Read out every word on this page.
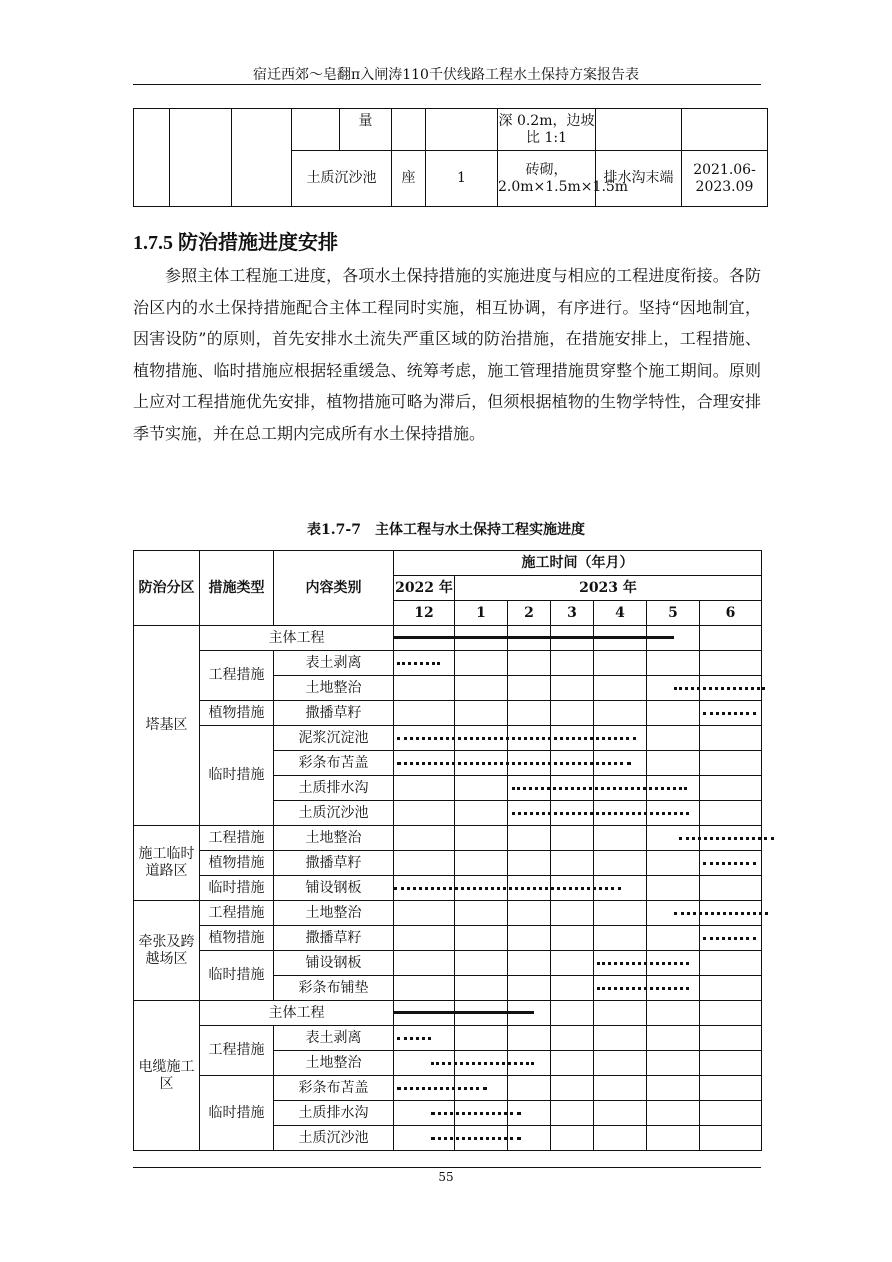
宿迁西郊～皂翻π入闸涛110千伏线路工程水土保持方案报告表
				量			深 0.2m，边坡比 1:1		
			土质沉沙池		座	1	砖砌，2.0m×1.5m×1.5m	排水沟末端	2021.06-2023.09
1.7.5 防治措施进度安排

参照主体工程施工进度，各项水土保持措施的实施进度与相应的工程进度衔接。各防治区内的水土保持措施配合主体工程同时实施，相互协调，有序进行。坚持“因地制宜，因害设防”的原则，首先安排水土流失严重区域的防治措施，在措施安排上，工程措施、植物措施、临时措施应根据轻重缓急、统筹考虑，施工管理措施贯穿整个施工期间。原则上应对工程措施优先安排，植物措施可略为滞后，但须根据植物的生物学特性，合理安排季节实施，并在总工期内完成所有水土保持措施。

表1.7-7　主体工程与水土保持工程实施进度
防治分区	措施类型	内容类别	施工时间（年月）						
			2022 年	2023 年					
			12	1	2	3	4	5	6
塔基区	主体工程		

	工程措施	表土剥离	

		土地整治	

	植物措施	撒播草籽	

	临时措施	泥浆沉淀池	

		彩条布苫盖	

		土质排水沟	

		土质沉沙池	

施工临时道路区	工程措施	土地整治	

	植物措施	撒播草籽	

	临时措施	铺设钢板	

牵张及跨越场区	工程措施	土地整治	

	植物措施	撒播草籽	

	临时措施	铺设钢板	

		彩条布铺垫	

电缆施工区	主体工程		

	工程措施	表土剥离	

		土地整治	

	临时措施	彩条布苫盖	

		土质排水沟	

		土质沉沙池	

55
